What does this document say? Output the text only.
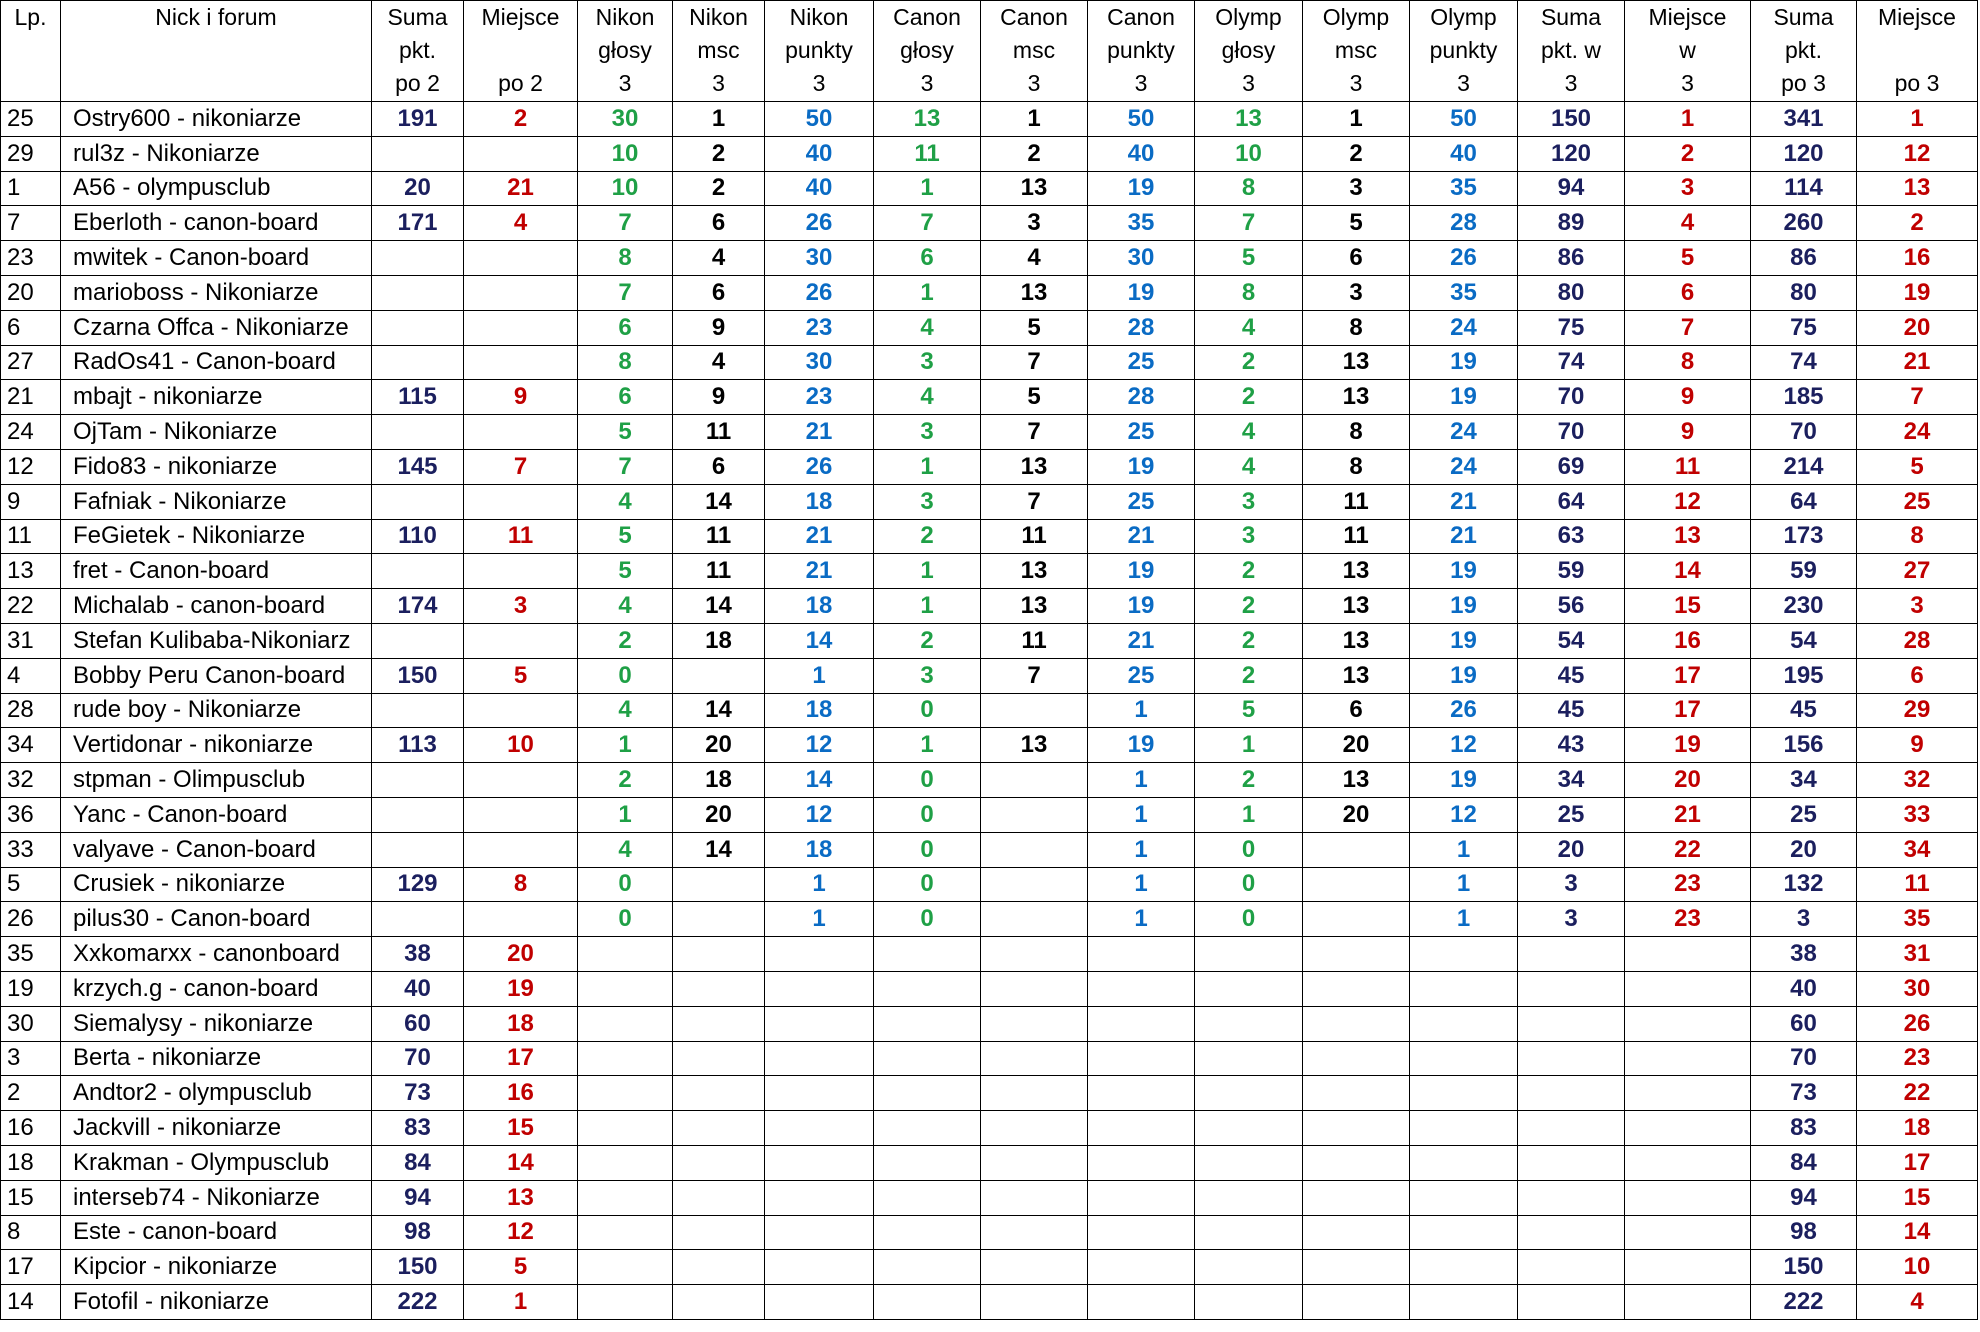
Lp.	Nick i forum	Suma
pkt.
po 2	Miejsce
po 2	Nikon
głosy
3	Nikon
msc
3	Nikon
punkty
3	Canon
głosy
3	Canon
msc
3	Canon
punkty
3	Olymp
głosy
3	Olymp
msc
3	Olymp
punkty
3	Suma
pkt. w
3	Miejsce
w
3	Suma
pkt.
po 3	Miejsce
po 3

25	Ostry600 - nikoniarze	191	2	30	1	50	13	1	50	13	1	50	150	1	341	1
29	rul3z - Nikoniarze			10	2	40	11	2	40	10	2	40	120	2	120	12
1	A56 - olympusclub	20	21	10	2	40	1	13	19	8	3	35	94	3	114	13
7	Eberloth - canon-board	171	4	7	6	26	7	3	35	7	5	28	89	4	260	2
23	mwitek - Canon-board			8	4	30	6	4	30	5	6	26	86	5	86	16
20	marioboss - Nikoniarze			7	6	26	1	13	19	8	3	35	80	6	80	19
6	Czarna Offca - Nikoniarze			6	9	23	4	5	28	4	8	24	75	7	75	20
27	RadOs41 - Canon-board			8	4	30	3	7	25	2	13	19	74	8	74	21
21	mbajt - nikoniarze	115	9	6	9	23	4	5	28	2	13	19	70	9	185	7
24	OjTam - Nikoniarze			5	11	21	3	7	25	4	8	24	70	9	70	24
12	Fido83 - nikoniarze	145	7	7	6	26	1	13	19	4	8	24	69	11	214	5
9	Fafniak - Nikoniarze			4	14	18	3	7	25	3	11	21	64	12	64	25
11	FeGietek - Nikoniarze	110	11	5	11	21	2	11	21	3	11	21	63	13	173	8
13	fret - Canon-board			5	11	21	1	13	19	2	13	19	59	14	59	27
22	Michalab - canon-board	174	3	4	14	18	1	13	19	2	13	19	56	15	230	3
31	Stefan Kulibaba-Nikoniarz			2	18	14	2	11	21	2	13	19	54	16	54	28
4	Bobby Peru Canon-board	150	5	0		1	3	7	25	2	13	19	45	17	195	6
28	rude boy - Nikoniarze			4	14	18	0		1	5	6	26	45	17	45	29
34	Vertidonar - nikoniarze	113	10	1	20	12	1	13	19	1	20	12	43	19	156	9
32	stpman - Olimpusclub			2	18	14	0		1	2	13	19	34	20	34	32
36	Yanc - Canon-board			1	20	12	0		1	1	20	12	25	21	25	33
33	valyave - Canon-board			4	14	18	0		1	0		1	20	22	20	34
5	Crusiek - nikoniarze	129	8	0		1	0		1	0		1	3	23	132	11
26	pilus30 - Canon-board			0		1	0		1	0		1	3	23	3	35
35	Xxkomarxx - canonboard	38	20												38	31
19	krzych.g - canon-board	40	19												40	30
30	Siemalysy - nikoniarze	60	18												60	26
3	Berta - nikoniarze	70	17												70	23
2	Andtor2 - olympusclub	73	16												73	22
16	Jackvill - nikoniarze	83	15												83	18
18	Krakman - Olympusclub	84	14												84	17
15	interseb74 - Nikoniarze	94	13												94	15
8	Este - canon-board	98	12												98	14
17	Kipcior - nikoniarze	150	5												150	10
14	Fotofil - nikoniarze	222	1												222	4
